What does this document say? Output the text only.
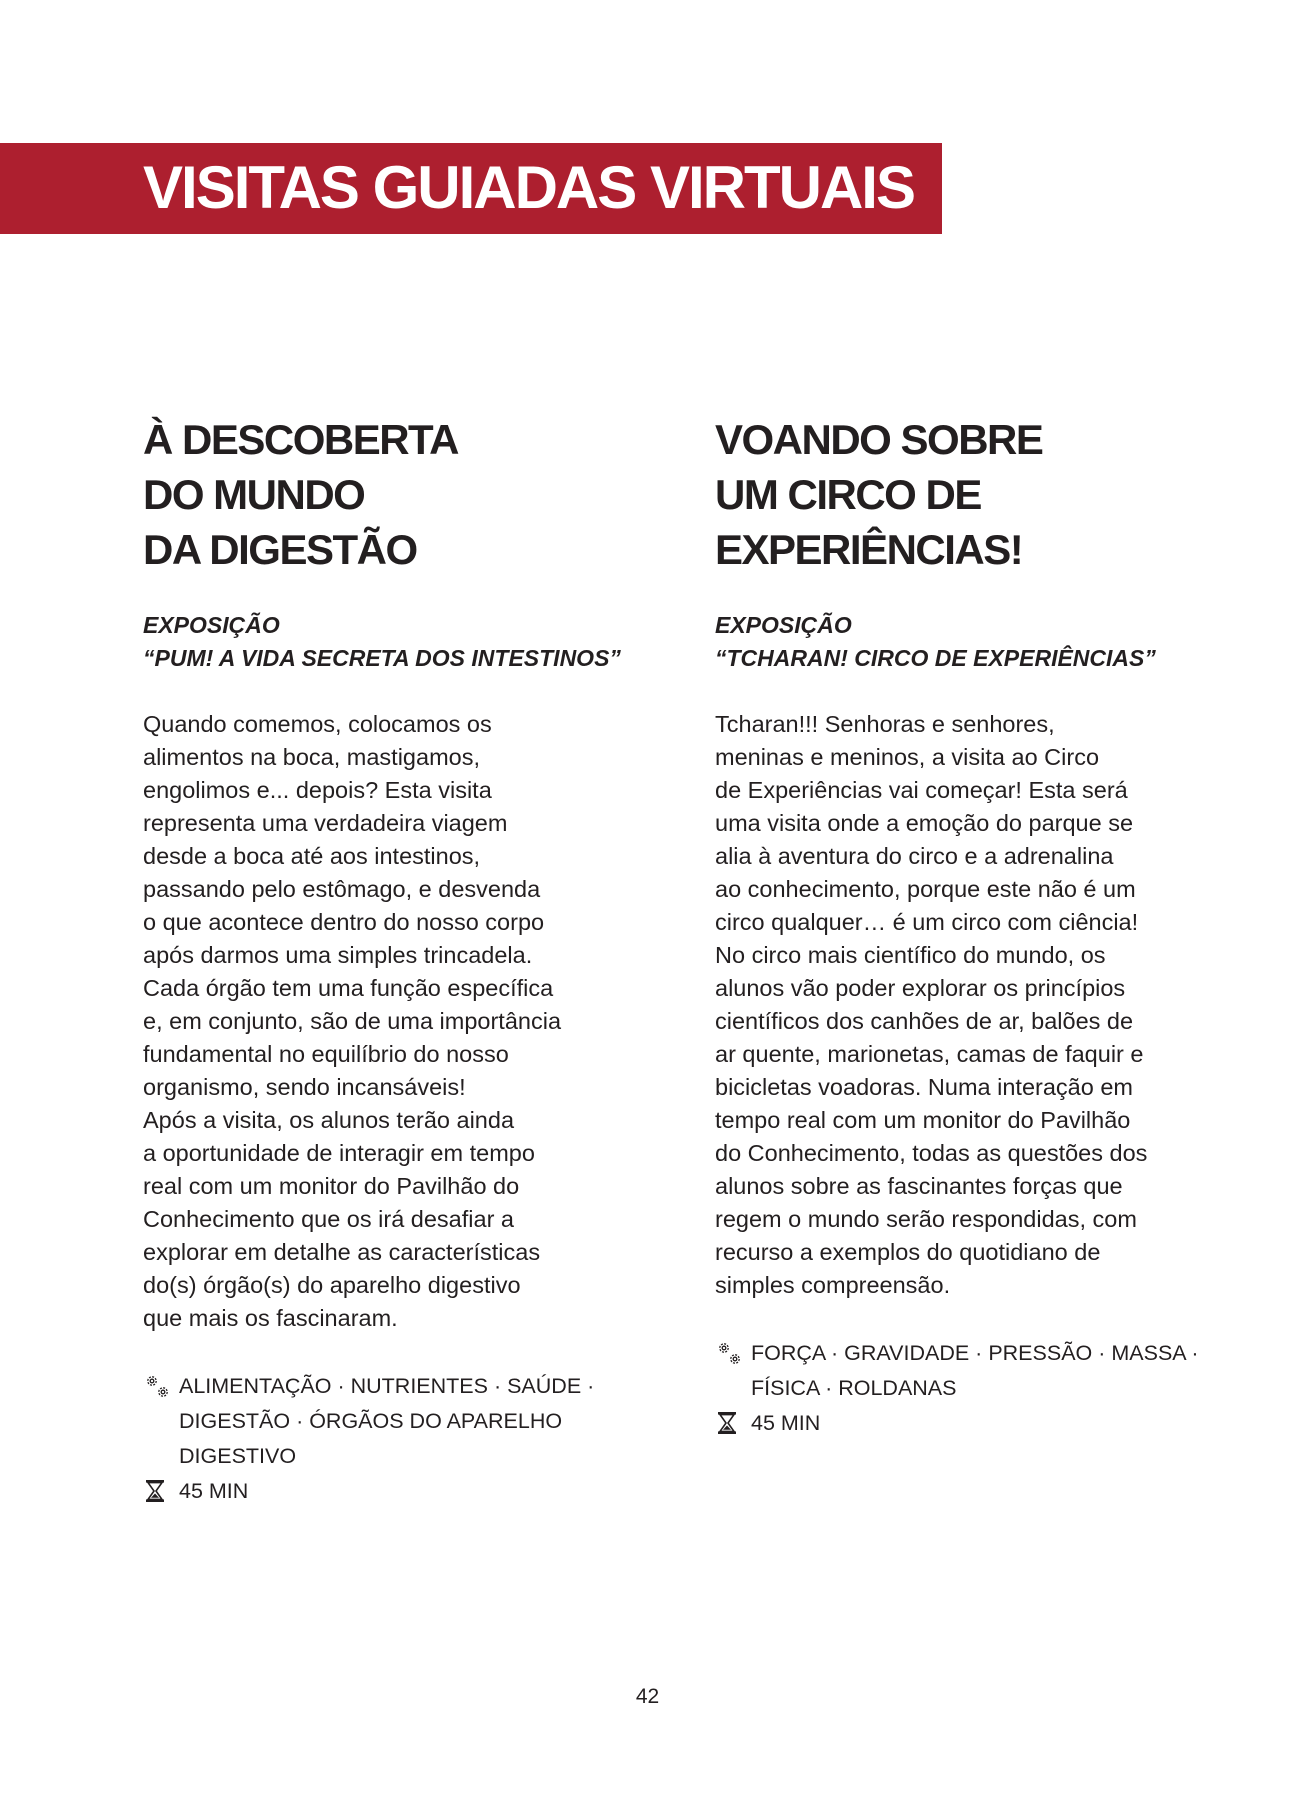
VISITAS GUIADAS VIRTUAIS
À DESCOBERTA
DO MUNDO
DA DIGESTÃO
EXPOSIÇÃO
“PUM! A VIDA SECRETA DOS INTESTINOS”
Quando comemos, colocamos os
alimentos na boca, mastigamos,
engolimos e... depois? Esta visita
representa uma verdadeira viagem
desde a boca até aos intestinos,
passando pelo estômago, e desvenda
o que acontece dentro do nosso corpo
após darmos uma simples trincadela.
Cada órgão tem uma função específica
e, em conjunto, são de uma importância
fundamental no equilíbrio do nosso
organismo, sendo incansáveis!
Após a visita, os alunos terão ainda
a oportunidade de interagir em tempo
real com um monitor do Pavilhão do
Conhecimento que os irá desafiar a
explorar em detalhe as características
do(s) órgão(s) do aparelho digestivo
que mais os fascinaram.
ALIMENTAÇÃO · NUTRIENTES · SAÚDE ·
DIGESTÃO · ÓRGÃOS DO APARELHO
DIGESTIVO
45 MIN
VOANDO SOBRE
UM CIRCO DE
EXPERIÊNCIAS!
EXPOSIÇÃO
“TCHARAN! CIRCO DE EXPERIÊNCIAS”
Tcharan!!! Senhoras e senhores,
meninas e meninos, a visita ao Circo
de Experiências vai começar! Esta será
uma visita onde a emoção do parque se
alia à aventura do circo e a adrenalina
ao conhecimento, porque este não é um
circo qualquer… é um circo com ciência!
No circo mais científico do mundo, os
alunos vão poder explorar os princípios
científicos dos canhões de ar, balões de
ar quente, marionetas, camas de faquir e
bicicletas voadoras. Numa interação em
tempo real com um monitor do Pavilhão
do Conhecimento, todas as questões dos
alunos sobre as fascinantes forças que
regem o mundo serão respondidas, com
recurso a exemplos do quotidiano de
simples compreensão.
FORÇA · GRAVIDADE · PRESSÃO · MASSA ·
FÍSICA · ROLDANAS
45 MIN
42
